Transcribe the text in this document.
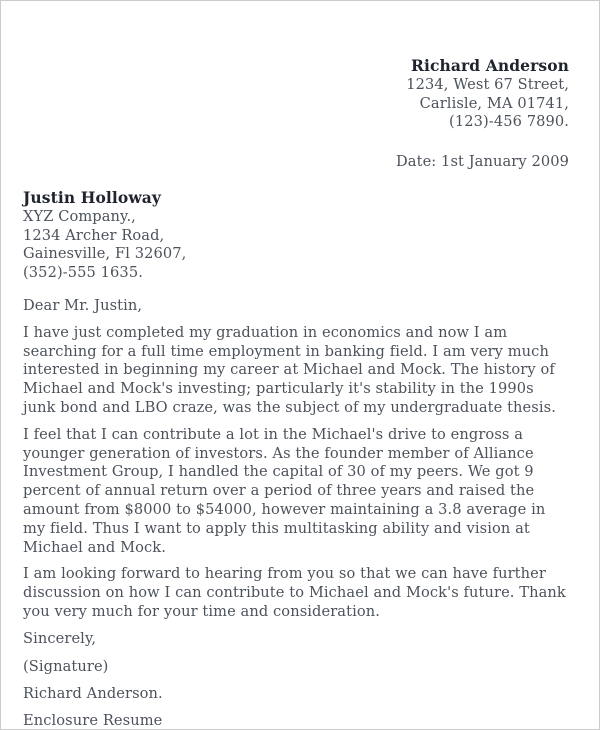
Richard Anderson
1234, West 67 Street,
Carlisle, MA 01741,
(123)-456 7890.
Date: 1st January 2009
Justin Holloway
XYZ Company.,
1234 Archer Road,
Gainesville, Fl 32607,
(352)-555 1635.
Dear Mr. Justin,
I have just completed my graduation in economics and now I am searching for a full time employment in banking field. I am very much interested in beginning my career at Michael and Mock. The history of Michael and Mock's investing; particularly it's stability in the 1990s junk bond and LBO craze, was the subject of my undergraduate thesis.
I feel that I can contribute a lot in the Michael's drive to engross a younger generation of investors. As the founder member of Alliance Investment Group, I handled the capital of 30 of my peers. We got 9 percent of annual return over a period of three years and raised the amount from $8000 to $54000, however maintaining a 3.8 average in my field. Thus I want to apply this multitasking ability and vision at Michael and Mock.
I am looking forward to hearing from you so that we can have further discussion on how I can contribute to Michael and Mock's future. Thank you very much for your time and consideration.
Sincerely,
(Signature)
Richard Anderson.
Enclosure Resume
